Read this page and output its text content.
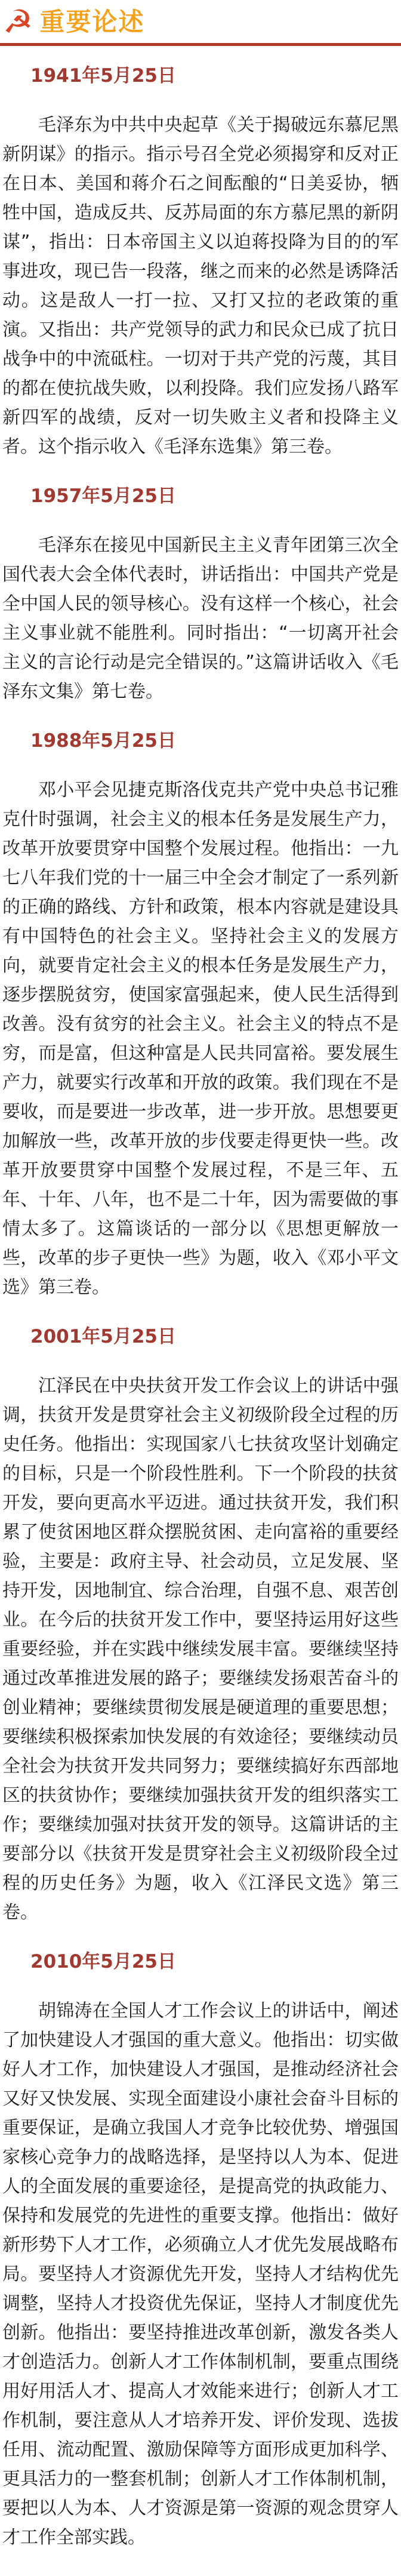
☭ 重要论述
1941年5月25日

毛泽东为中共中央起草《关于揭破远东慕尼黑新阴谋》的指示。指示号召全党必须揭穿和反对正在日本、美国和蒋介石之间酝酿的“日美妥协，牺牲中国，造成反共、反苏局面的东方慕尼黑的新阴谋”，指出：日本帝国主义以迫蒋投降为目的的军事进攻，现已告一段落，继之而来的必然是诱降活动。这是敌人一打一拉、又打又拉的老政策的重演。又指出：共产党领导的武力和民众已成了抗日战争中的中流砥柱。一切对于共产党的污蔑，其目的都在使抗战失败，以利投降。我们应发扬八路军新四军的战绩，反对一切失败主义者和投降主义者。这个指示收入《毛泽东选集》第三卷。

1957年5月25日

毛泽东在接见中国新民主主义青年团第三次全国代表大会全体代表时，讲话指出：中国共产党是全中国人民的领导核心。没有这样一个核心，社会主义事业就不能胜利。同时指出：“一切离开社会主义的言论行动是完全错误的。”这篇讲话收入《毛泽东文集》第七卷。

1988年5月25日

邓小平会见捷克斯洛伐克共产党中央总书记雅克什时强调，社会主义的根本任务是发展生产力，改革开放要贯穿中国整个发展过程。他指出：一九七八年我们党的十一届三中全会才制定了一系列新的正确的路线、方针和政策，根本内容就是建设具有中国特色的社会主义。坚持社会主义的发展方向，就要肯定社会主义的根本任务是发展生产力，逐步摆脱贫穷，使国家富强起来，使人民生活得到改善。没有贫穷的社会主义。社会主义的特点不是穷，而是富，但这种富是人民共同富裕。要发展生产力，就要实行改革和开放的政策。我们现在不是要收，而是要进一步改革，进一步开放。思想要更加解放一些，改革开放的步伐要走得更快一些。改革开放要贯穿中国整个发展过程，不是三年、五年、十年、八年，也不是二十年，因为需要做的事情太多了。这篇谈话的一部分以《思想更解放一些，改革的步子更快一些》为题，收入《邓小平文选》第三卷。

2001年5月25日

江泽民在中央扶贫开发工作会议上的讲话中强调，扶贫开发是贯穿社会主义初级阶段全过程的历史任务。他指出：实现国家八七扶贫攻坚计划确定的目标，只是一个阶段性胜利。下一个阶段的扶贫开发，要向更高水平迈进。通过扶贫开发，我们积累了使贫困地区群众摆脱贫困、走向富裕的重要经验，主要是：政府主导、社会动员，立足发展、坚持开发，因地制宜、综合治理，自强不息、艰苦创业。在今后的扶贫开发工作中，要坚持运用好这些重要经验，并在实践中继续发展丰富。要继续坚持通过改革推进发展的路子；要继续发扬艰苦奋斗的创业精神；要继续贯彻发展是硬道理的重要思想；要继续积极探索加快发展的有效途径；要继续动员全社会为扶贫开发共同努力；要继续搞好东西部地区的扶贫协作；要继续加强扶贫开发的组织落实工作；要继续加强对扶贫开发的领导。这篇讲话的主要部分以《扶贫开发是贯穿社会主义初级阶段全过程的历史任务》为题，收入《江泽民文选》第三卷。

2010年5月25日

胡锦涛在全国人才工作会议上的讲话中，阐述了加快建设人才强国的重大意义。他指出：切实做好人才工作，加快建设人才强国，是推动经济社会又好又快发展、实现全面建设小康社会奋斗目标的重要保证，是确立我国人才竞争比较优势、增强国家核心竞争力的战略选择，是坚持以人为本、促进人的全面发展的重要途径，是提高党的执政能力、保持和发展党的先进性的重要支撑。他指出：做好新形势下人才工作，必须确立人才优先发展战略布局。要坚持人才资源优先开发，坚持人才结构优先调整，坚持人才投资优先保证，坚持人才制度优先创新。他指出：要坚持推进改革创新，激发各类人才创造活力。创新人才工作体制机制，要重点围绕用好用活人才、提高人才效能来进行；创新人才工作机制，要注意从人才培养开发、评价发现、选拔任用、流动配置、激励保障等方面形成更加科学、更具活力的一整套机制；创新人才工作体制机制，要把以人为本、人才资源是第一资源的观念贯穿人才工作全部实践。
